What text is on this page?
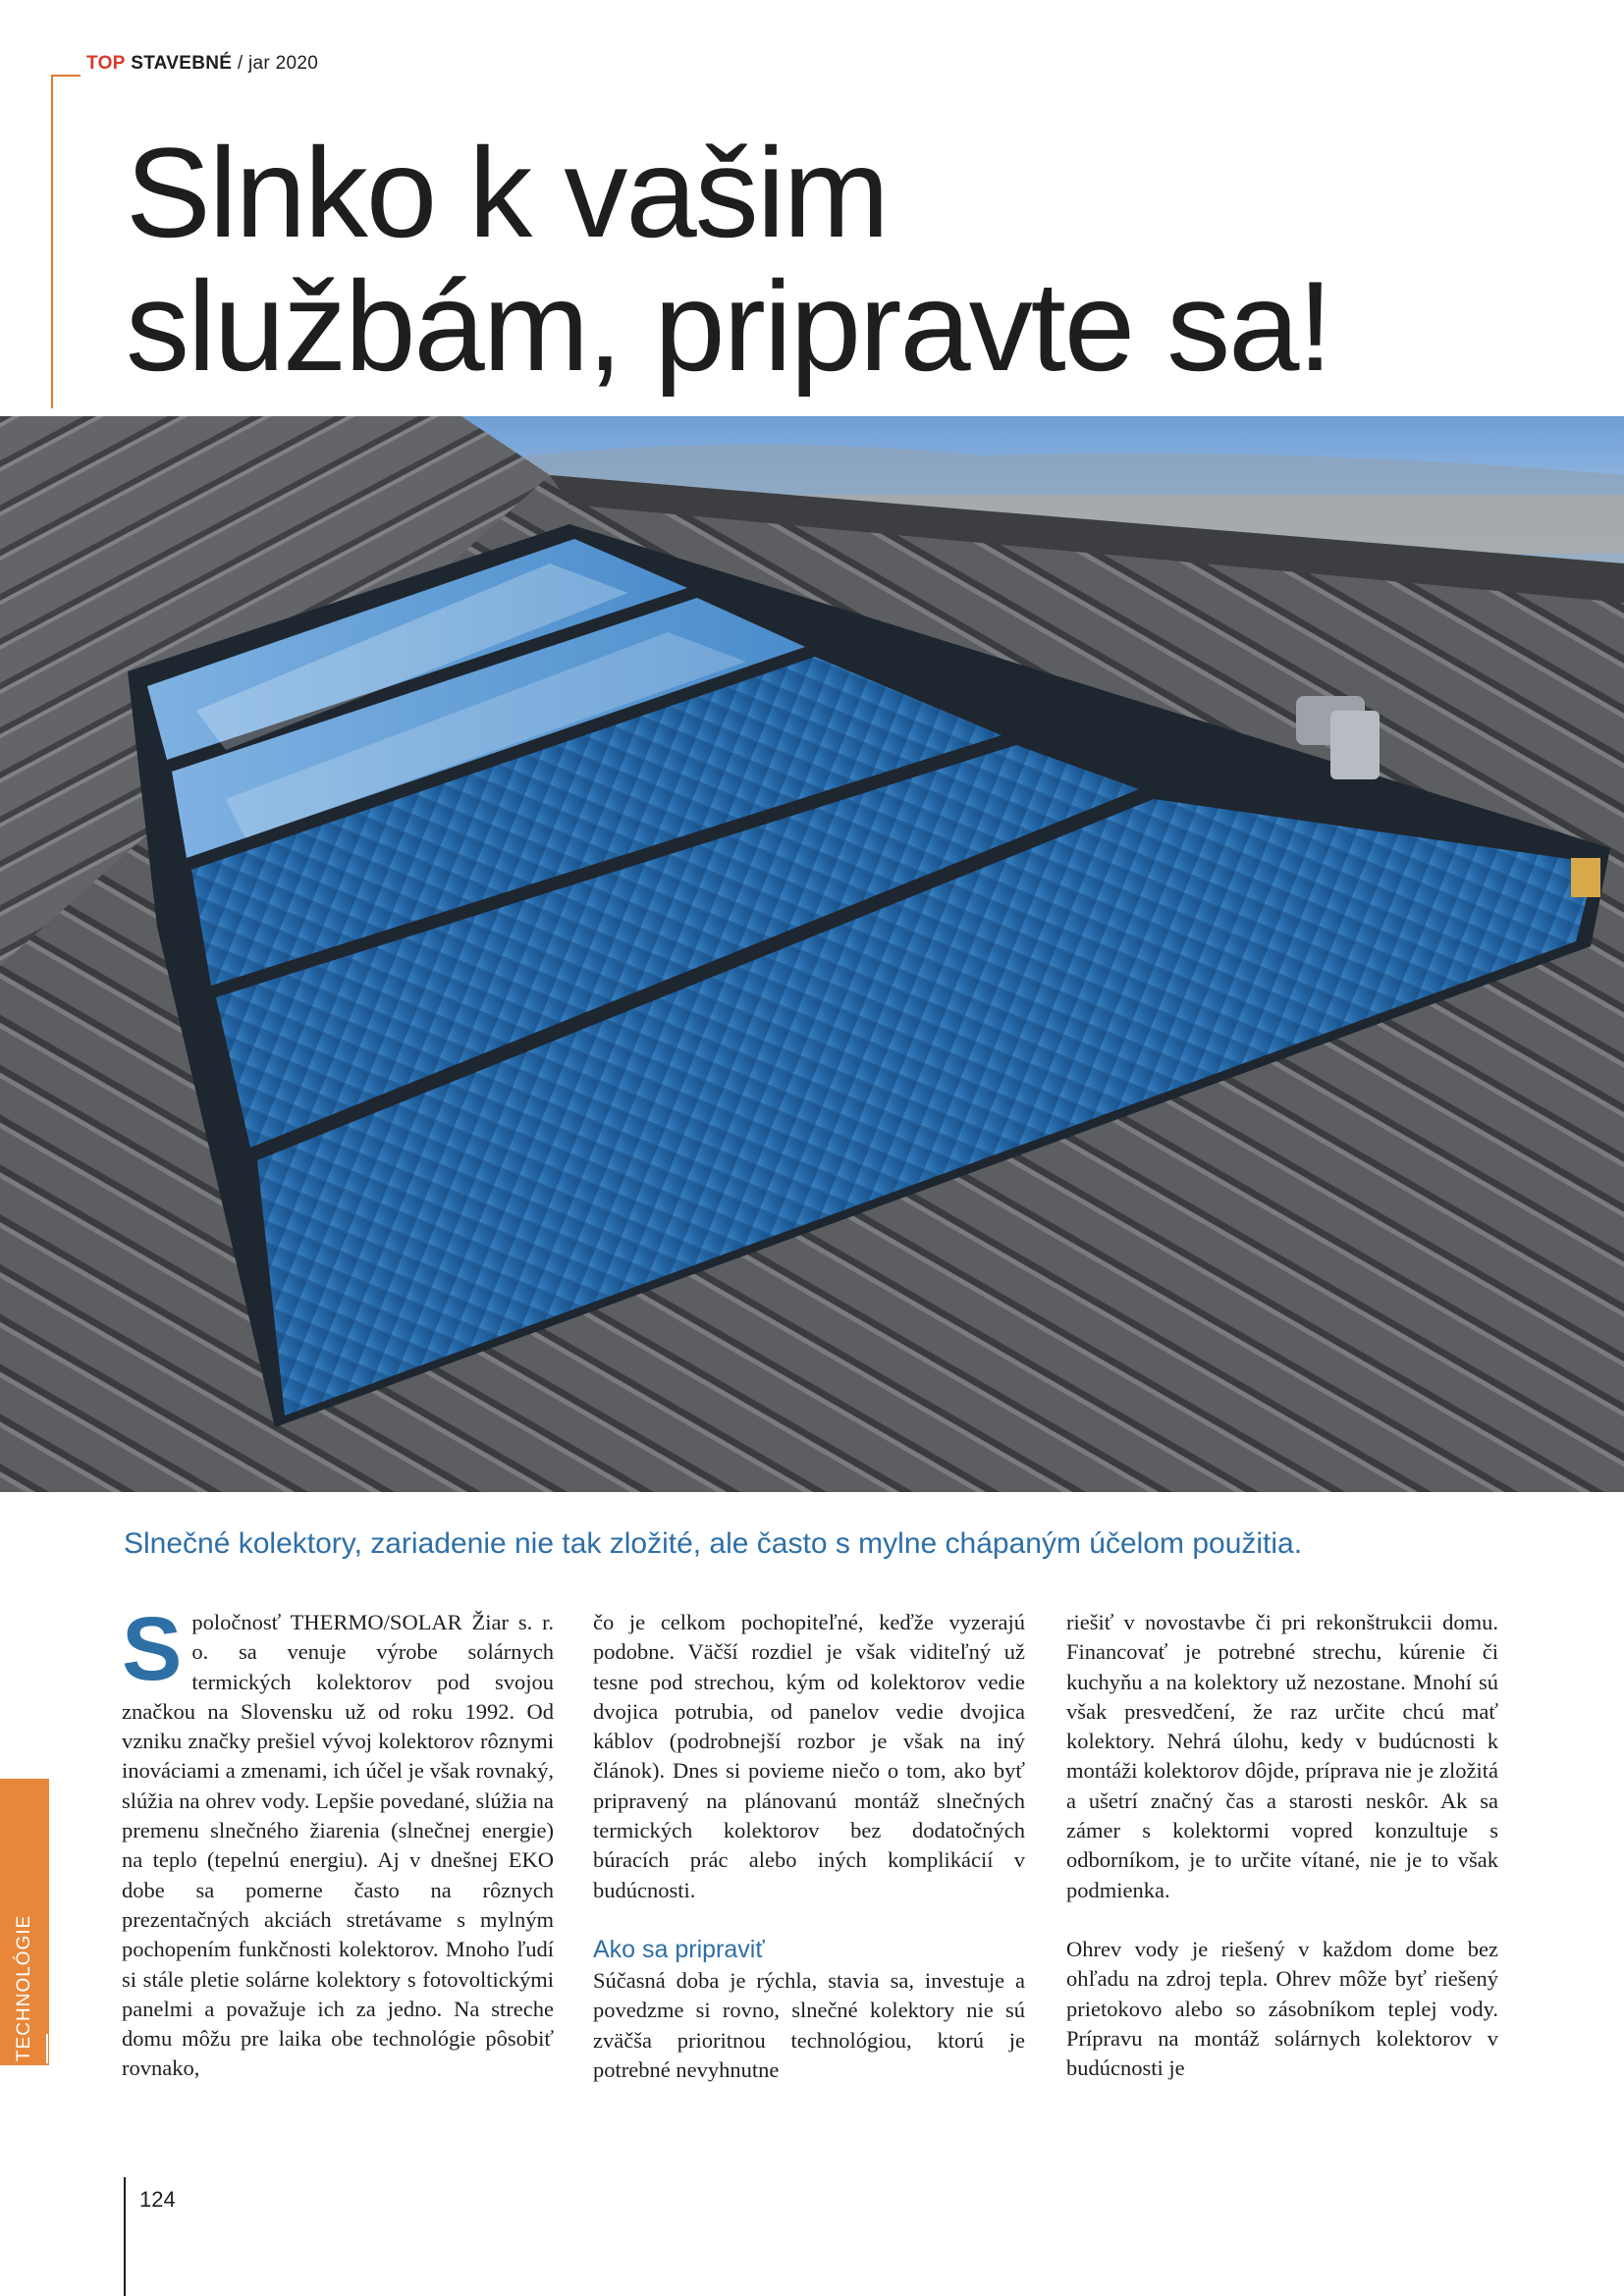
TOP STAVEBNÉ / jar 2020
Slnko k vašim
službám, pripravte sa!
Slnečné kolektory, zariadenie nie tak zložité, ale často s mylne chápaným účelom použitia.
S poločnosť THERMO/SOLAR Žiar s. r. o. sa venuje výrobe solárnych termických kolektorov pod svojou značkou na Slovensku už od roku 1992. Od vzniku značky prešiel vývoj kolektorov rôznymi inováciami a zmenami, ich účel je však rovnaký, slúžia na ohrev vody. Lepšie povedané, slúžia na premenu slnečného žiarenia (slnečnej energie) na teplo (tepelnú energiu). Aj v dnešnej EKO dobe sa pomerne často na rôznych prezentačných akciách stretávame s mylným pochopením funkčnosti kolektorov. Mnoho ľudí si stále pletie solárne kolektory s fotovoltickými panelmi a považuje ich za jedno. Na streche domu môžu pre laika obe technológie pôsobiť rovnako,

čo je celkom pochopiteľné, keďže vyzerajú podobne. Väčší rozdiel je však viditeľný už tesne pod strechou, kým od kolektorov vedie dvojica potrubia, od panelov vedie dvojica káblov (podrobnejší rozbor je však na iný článok). Dnes si povieme niečo o tom, ako byť pripravený na plánovanú montáž slnečných termických kolektorov bez dodatočných búracích prác alebo iných komplikácií v budúcnosti.

Ako sa pripraviť

Súčasná doba je rýchla, stavia sa, investuje a povedzme si rovno, slnečné kolektory nie sú zväčša prioritnou technológiou, ktorú je potrebné nevyhnutne

riešiť v novostavbe či pri rekonštrukcii domu. Financovať je potrebné strechu, kúrenie či kuchyňu a na kolektory už nezostane. Mnohí sú však presvedčení, že raz určite chcú mať kolektory. Nehrá úlohu, kedy v budúcnosti k montáži kolektorov dôjde, príprava nie je zložitá a ušetrí značný čas a starosti neskôr. Ak sa zámer s kolektormi vopred konzultuje s odborníkom, je to určite vítané, nie je to však podmienka.

Ohrev vody je riešený v každom dome bez ohľadu na zdroj tepla. Ohrev môže byť riešený prietokovo alebo so zásobníkom teplej vody. Prípravu na montáž solárnych kolektorov v budúcnosti je

TECHNOLÓGIE
124
